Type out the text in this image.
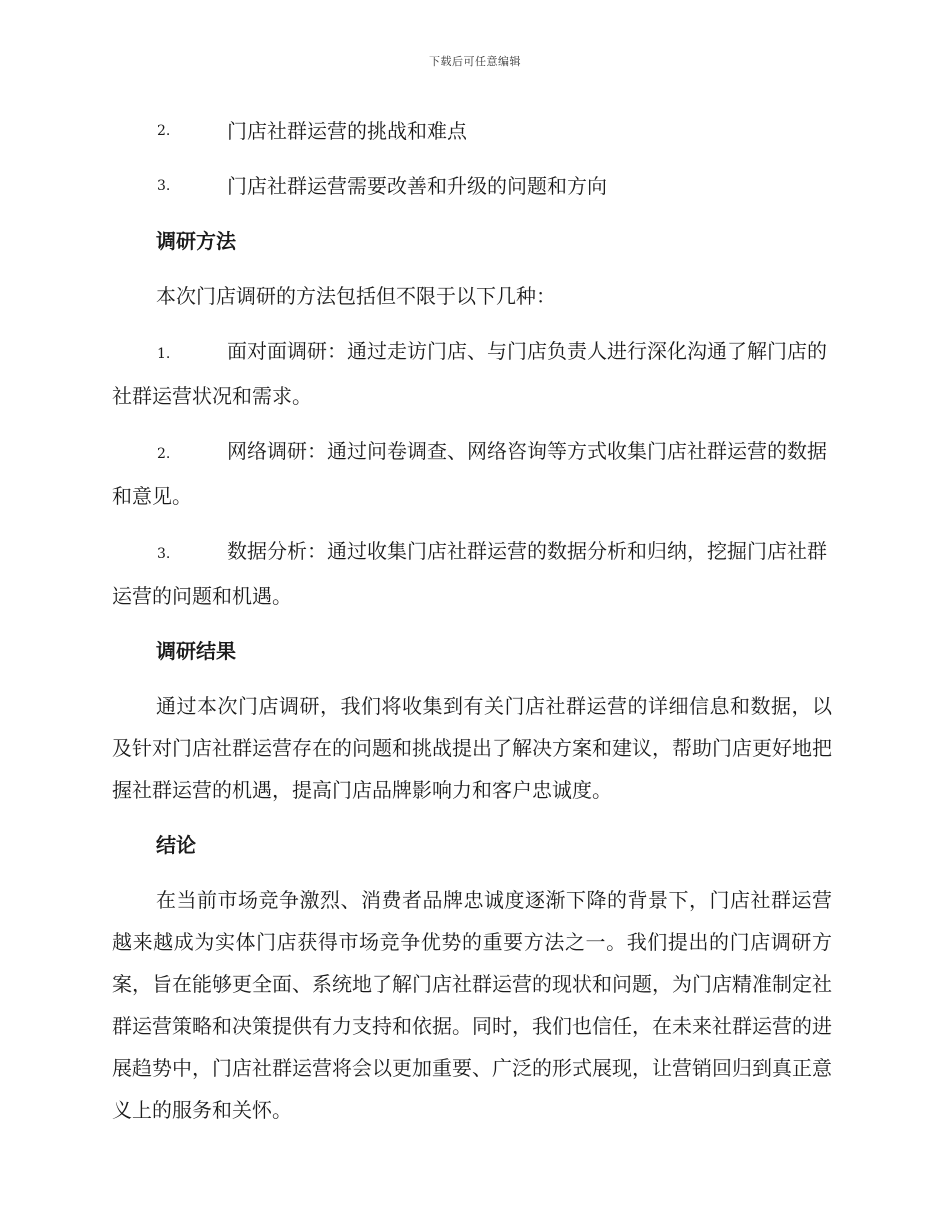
下载后可任意编辑
2.	门店社群运营的挑战和难点
3.	门店社群运营需要改善和升级的问题和方向
调研方法
本次门店调研的方法包括但不限于以下几种：
1.	面对面调研：通过走访门店、与门店负责人进行深化沟通了解门店的社群运营状况和需求。
2.	网络调研：通过问卷调查、网络咨询等方式收集门店社群运营的数据和意见。
3.	数据分析：通过收集门店社群运营的数据分析和归纳，挖掘门店社群运营的问题和机遇。
调研结果
通过本次门店调研，我们将收集到有关门店社群运营的详细信息和数据，以及针对门店社群运营存在的问题和挑战提出了解决方案和建议，帮助门店更好地把握社群运营的机遇，提高门店品牌影响力和客户忠诚度。
结论
在当前市场竞争激烈、消费者品牌忠诚度逐渐下降的背景下，门店社群运营越来越成为实体门店获得市场竞争优势的重要方法之一。我们提出的门店调研方案，旨在能够更全面、系统地了解门店社群运营的现状和问题，为门店精准制定社群运营策略和决策提供有力支持和依据。同时，我们也信任，在未来社群运营的进展趋势中，门店社群运营将会以更加重要、广泛的形式展现，让营销回归到真正意义上的服务和关怀。
